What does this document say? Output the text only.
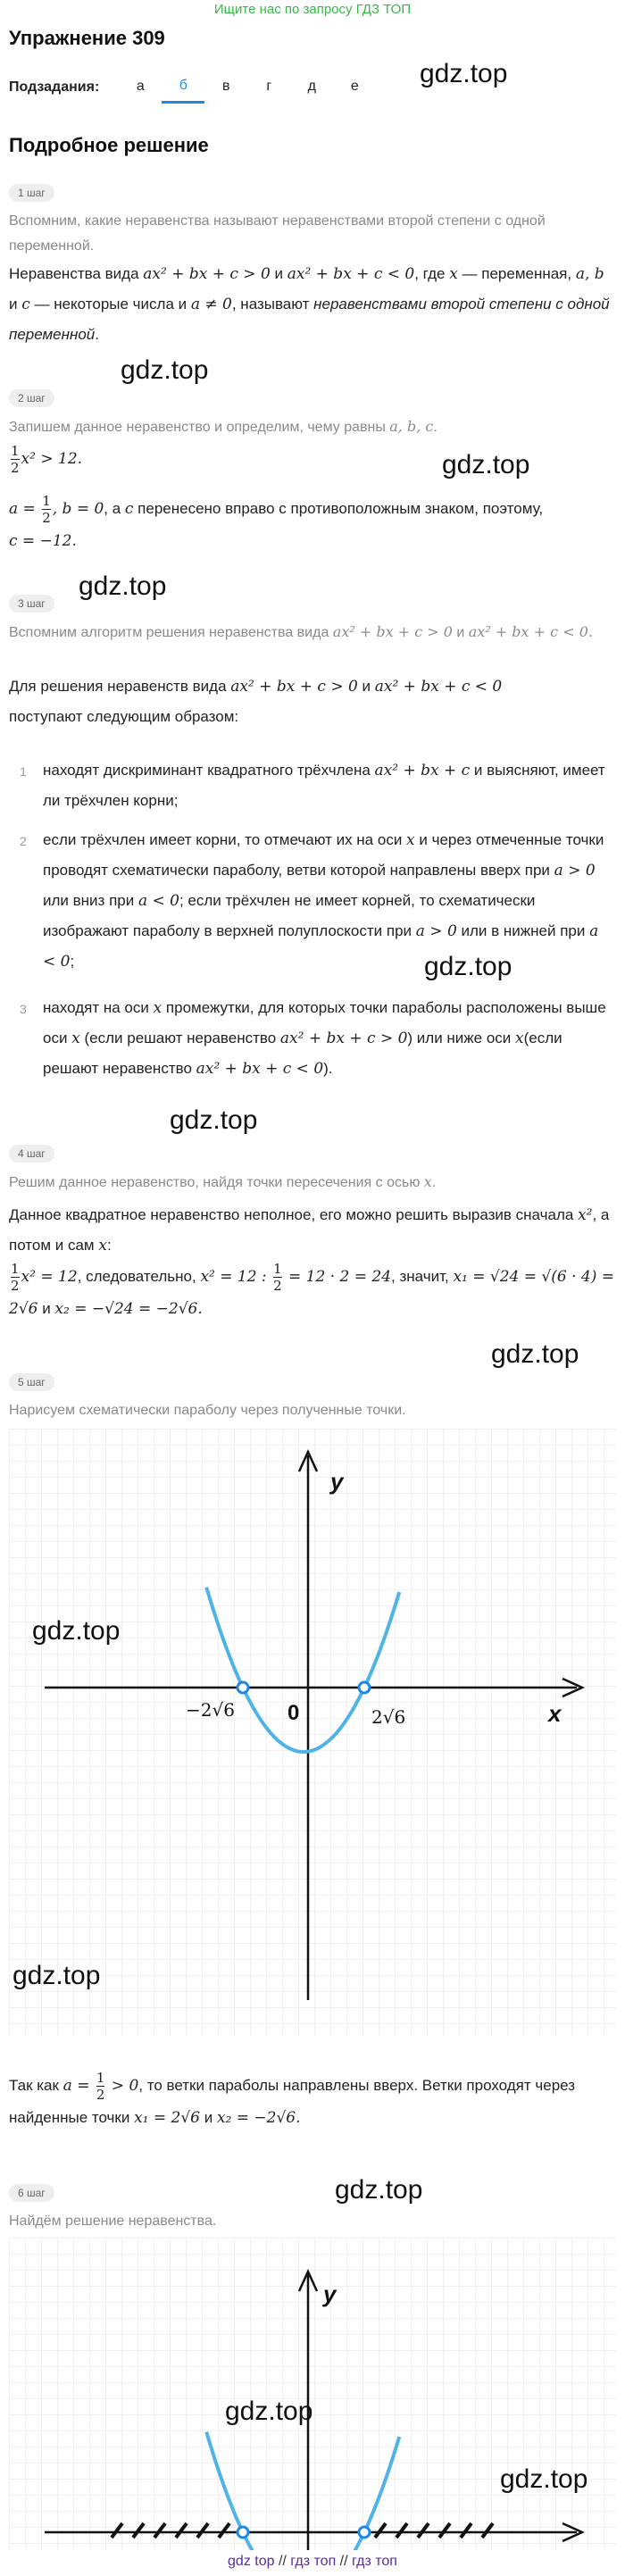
Ищите нас по запросу ГДЗ ТОП
Упражнение 309
Подзадания:	а	б	в	г	д	е	gdz.top
Подробное решение
1 шаг
Вспомним, какие неравенства называют неравенствами второй степени с одной переменной.
Неравенства вида ax² + bx + c > 0 и ax² + bx + c < 0, где x — переменная, a, b и c — некоторые числа и a ≠ 0, называют неравенствами второй степени с одной переменной.
gdz.top
2 шаг
Запишем данное неравенство и определим, чему равны a, b, c.
$\frac{1}{2} x^2 > 12$.	gdz.top
$a = \frac{1}{2}$ , b = 0, а c перенесено вправо с противоположным знаком, поэтому,
c = −12.
gdz.top
3 шаг
Вспомним алгоритм решения неравенства вида ax² + bx + c > 0 и ax² + bx + c < 0.
Для решения неравенств вида ax² + bx + c > 0 и ax² + bx + c < 0
поступают следующим образом:
1 находят дискриминант квадратного трёхчлена ax² + bx + c и выясняют, имеет ли трёхчлен корни;
2 если трёхчлен имеет корни, то отмечают их на оси x и через отмеченные точки проводят схематически параболу, ветви которой направлены вверх при a > 0 или вниз при a < 0; если трёхчлен не имеет корней, то схематически изображают параболу в верхней полуплоскости при a > 0 или в нижней при a < 0;	gdz.top
3 находят на оси x промежутки, для которых точки параболы расположены выше оси x (если решают неравенство ax² + bx + c > 0) или ниже оси x(если решают неравенство ax² + bx + c < 0).
gdz.top
4 шаг
Решим данное неравенство, найдя точки пересечения с осью x.
Данное квадратное неравенство неполное, его можно решить выразив сначала x², а потом и сам x:

$\frac{1}{2} x^2 = 12$, следовательно, x² = 12 : $\frac{1}{2} = 12 \cdot 2 = 24$, значит, x₁ = √24 = √(6 · 4) = 2√6 и x₂ = −√24 = −2√6.
gdz.top
5 шаг
Нарисуем схематически параболу через полученные точки.
y
x
0
−2√6	2√6
gdz.top
gdz.top
Так как $a = \frac{1}{2} > 0$, то ветки параболы направлены вверх. Ветки проходят через найденные точки x₁ = 2√6 и x₂ = −2√6.
gdz.top
6 шаг
Найдём решение неравенства.
y
gdz.top
gdz.top
gdz top // гдз топ // гдз топ
